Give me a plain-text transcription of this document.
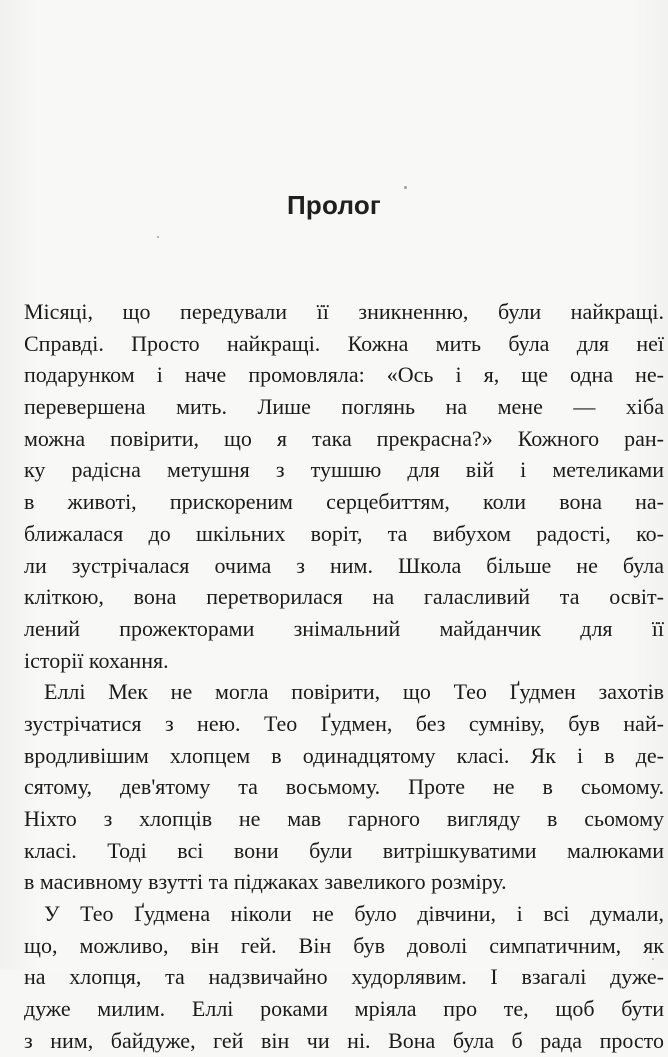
Пролог
Місяці, що передували її зникненню, були найкращі.
Справді. Просто найкращі. Кожна мить була для неї
подарунком і наче промовляла: «Ось і я, ще одна не-
перевершена мить. Лише поглянь на мене — хіба
можна повірити, що я така прекрасна?» Кожного ран-
ку радісна метушня з тушшю для вій і метеликами
в животі, прискореним серцебиттям, коли вона на-
ближалася до шкільних воріт, та вибухом радості, ко-
ли зустрічалася очима з ним. Школа більше не була
кліткою, вона перетворилася на галасливий та освіт-
лений прожекторами знімальний майданчик для її
історії кохання.
Еллі Мек не могла повірити, що Тео Ґудмен захотів
зустрічатися з нею. Тео Ґудмен, без сумніву, був най-
вродливішим хлопцем в одинадцятому класі. Як і в де-
сятому, дев'ятому та восьмому. Проте не в сьомому.
Ніхто з хлопців не мав гарного вигляду в сьомому
класі. Тоді всі вони були витрішкуватими малюками
в масивному взутті та піджаках завеликого розміру.
У Тео Ґудмена ніколи не було дівчини, і всі думали,
що, можливо, він гей. Він був доволі симпатичним, як
на хлопця, та надзвичайно худорлявим. І взагалі дуже-
дуже милим. Еллі роками мріяла про те, щоб бути
з ним, байдуже, гей він чи ні. Вона була б рада просто
